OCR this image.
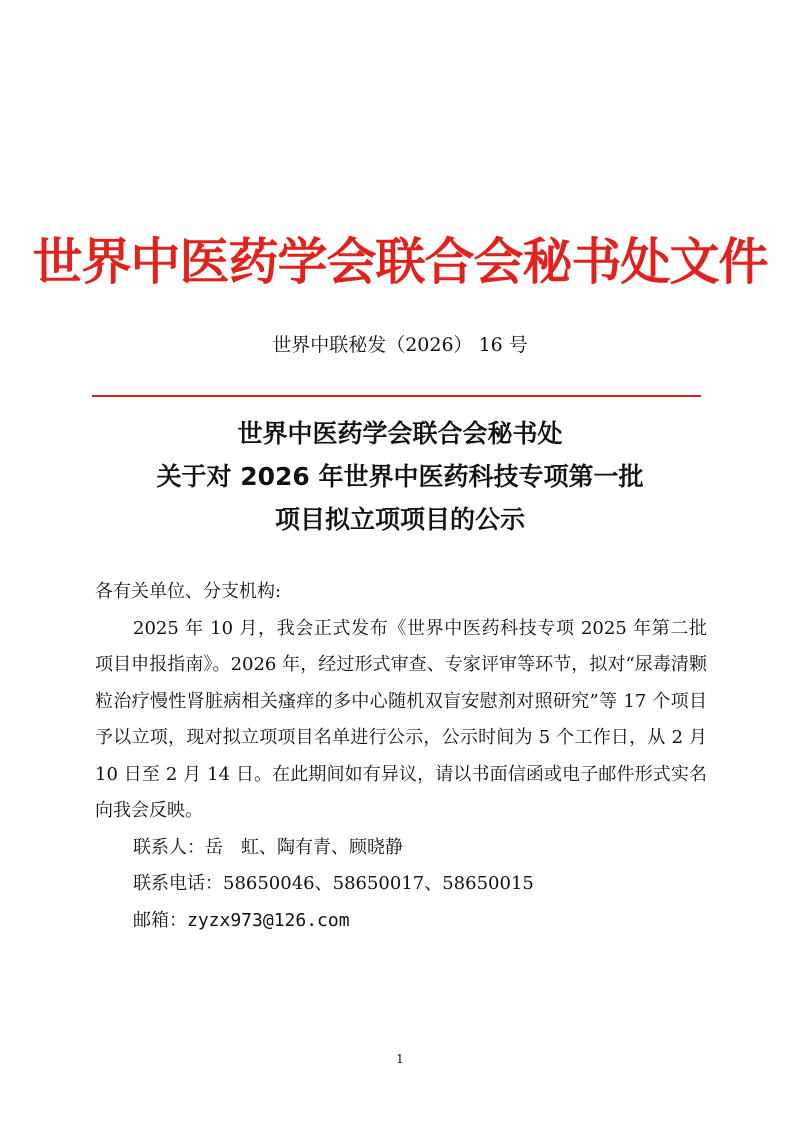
世界中医药学会联合会秘书处文件
世界中联秘发（2026） 16 号
世界中医药学会联合会秘书处
关于对 2026 年世界中医药科技专项第一批
项目拟立项项目的公示

各有关单位、分支机构:

2025 年 10 月，我会正式发布《世界中医药科技专项 2025 年第二批项目申报指南》。2026 年，经过形式审查、专家评审等环节，拟对“尿毒清颗粒治疗慢性肾脏病相关瘙痒的多中心随机双盲安慰剂对照研究”等 17 个项目予以立项，现对拟立项项目名单进行公示，公示时间为 5 个工作日，从 2 月 10 日至 2 月 14 日。在此期间如有异议，请以书面信函或电子邮件形式实名向我会反映。

联系人：岳　虹、陶有青、顾晓静

联系电话：58650046、58650017、58650015

邮箱：zyzx973@126.com

1
